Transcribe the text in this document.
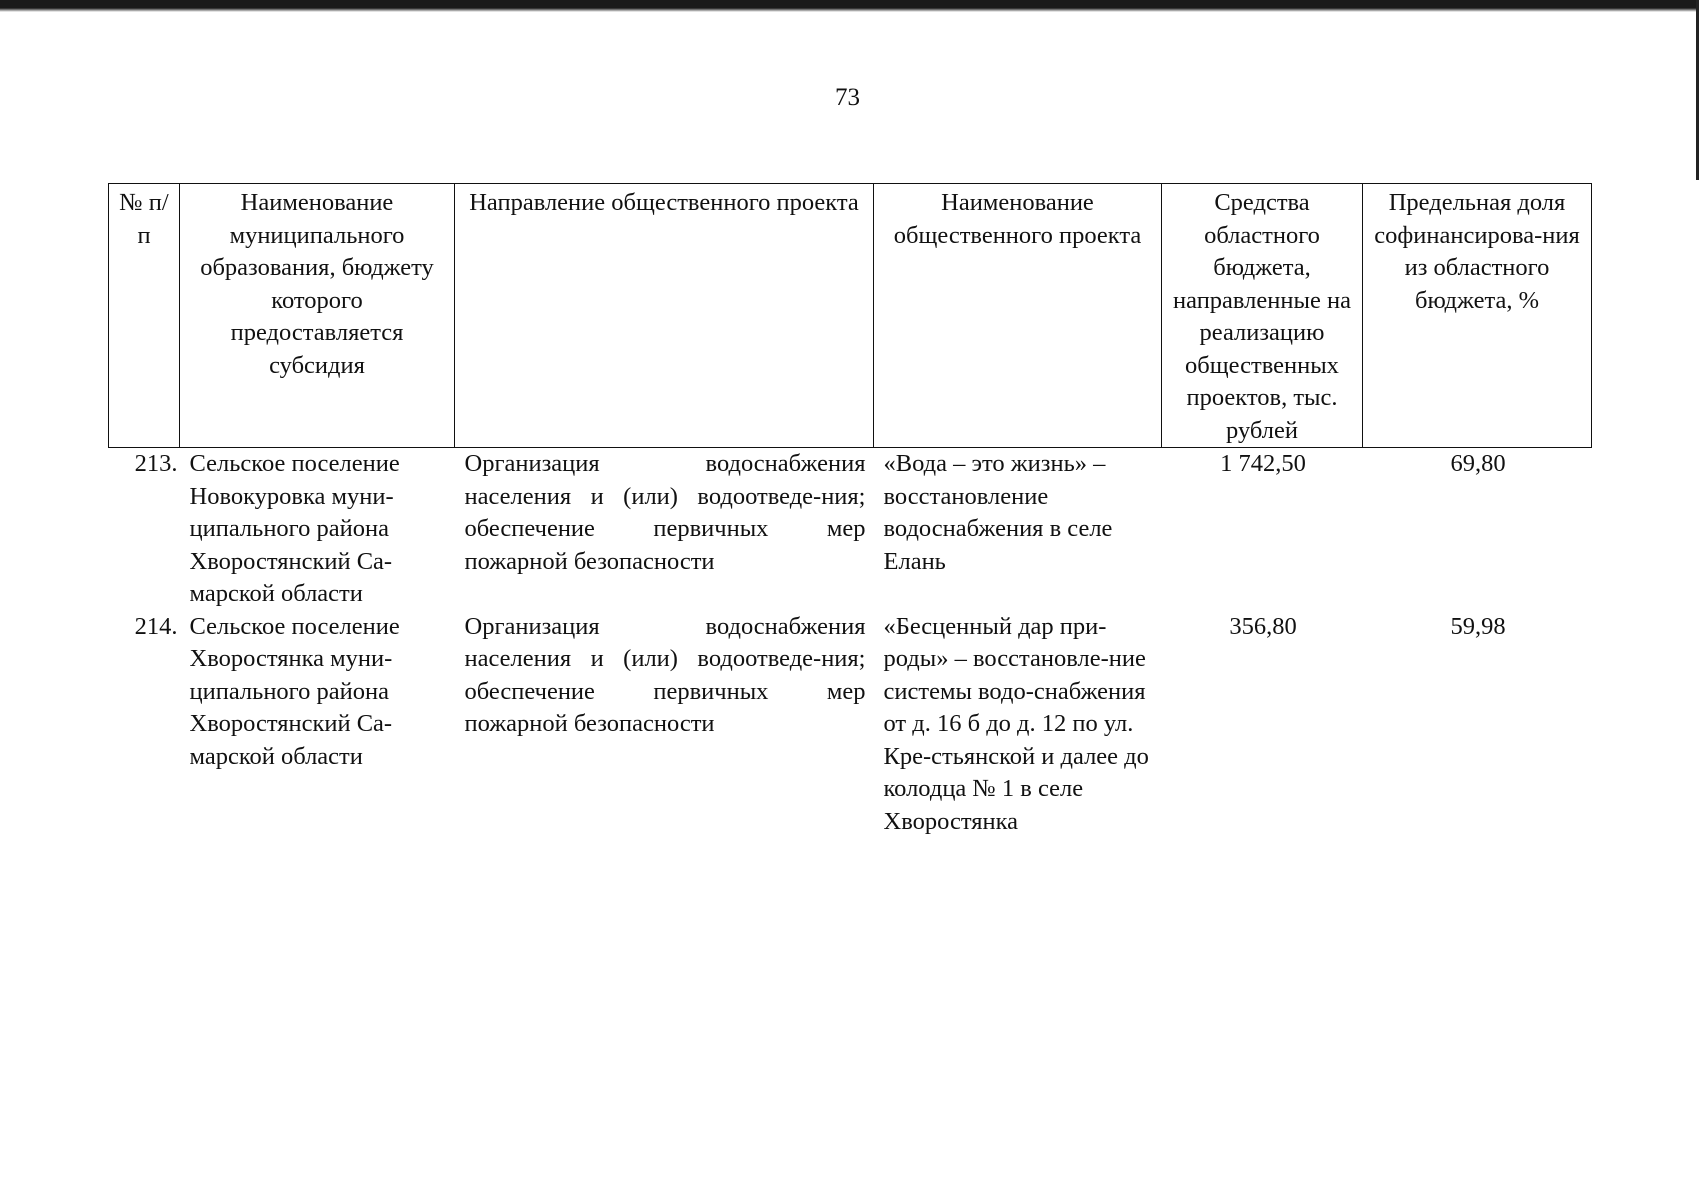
73
№ п/п	Наименование муниципального образования, бюджету которого предоставляется субсидия	Направление общественного проекта	Наименование общественного проекта	Средства областного бюджета, направленные на реализацию общественных проектов, тыс. рублей	Предельная доля софинансирова-ния из областного бюджета, %
213.	Сельское поселение Новокуровка муни-ципального района Хворостянский Са-марской области	Организация водоснабжения населения и (или) водоотведе-ния; обеспечение первичных мер пожарной безопасности	«Вода – это жизнь» – восстановление водоснабжения в селе Елань	1 742,50	69,80
214.	Сельское поселение Хворостянка муни-ципального района Хворостянский Са-марской области	Организация водоснабжения населения и (или) водоотведе-ния; обеспечение первичных мер пожарной безопасности	«Бесценный дар при-роды» – восстановле-ние системы водо-снабжения от д. 16 б до д. 12 по ул. Кре-стьянской и далее до колодца № 1 в селе Хворостянка	356,80	59,98
